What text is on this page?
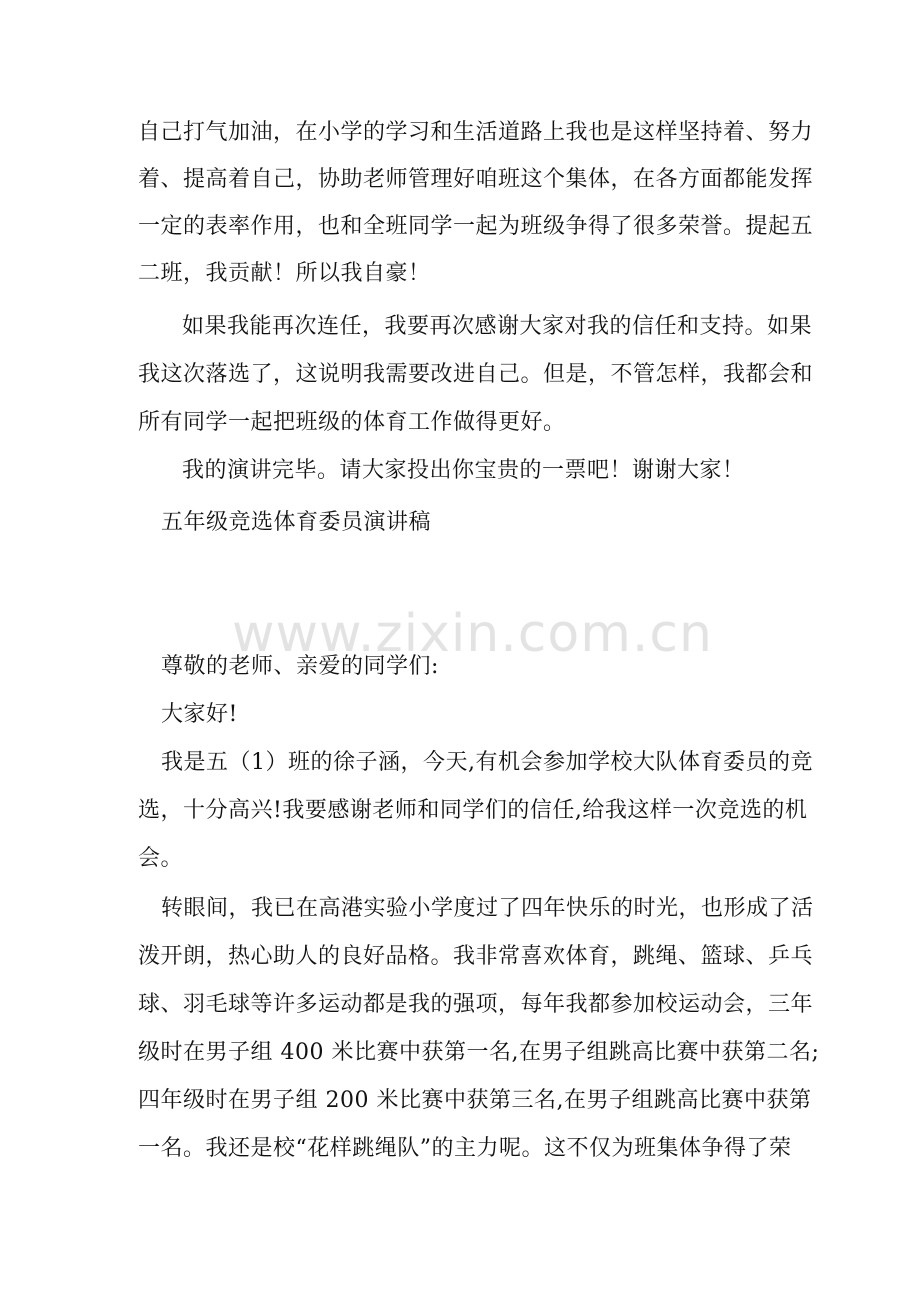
自己打气加油，在小学的学习和生活道路上我也是这样坚持着、努力
着、提高着自己，协助老师管理好咱班这个集体，在各方面都能发挥
一定的表率作用，也和全班同学一起为班级争得了很多荣誉。提起五
二班，我贡献！所以我自豪！
如果我能再次连任，我要再次感谢大家对我的信任和支持。如果
我这次落选了，这说明我需要改进自己。但是，不管怎样，我都会和
所有同学一起把班级的体育工作做得更好。
我的演讲完毕。请大家投出你宝贵的一票吧！谢谢大家！
五年级竞选体育委员演讲稿
www.zixin.com.cn
尊敬的老师、亲爱的同学们:
大家好!
我是五（1）班的徐子涵，今天,有机会参加学校大队体育委员的竞
选，十分高兴!我要感谢老师和同学们的信任,给我这样一次竞选的机
会。
转眼间，我已在高港实验小学度过了四年快乐的时光，也形成了活
泼开朗，热心助人的良好品格。我非常喜欢体育，跳绳、篮球、乒乓
球、羽毛球等许多运动都是我的强项，每年我都参加校运动会，三年
级时在男子组 400 米比赛中获第一名,在男子组跳高比赛中获第二名;
四年级时在男子组 200 米比赛中获第三名,在男子组跳高比赛中获第
一名。我还是校“花样跳绳队”的主力呢。这不仅为班集体争得了荣
